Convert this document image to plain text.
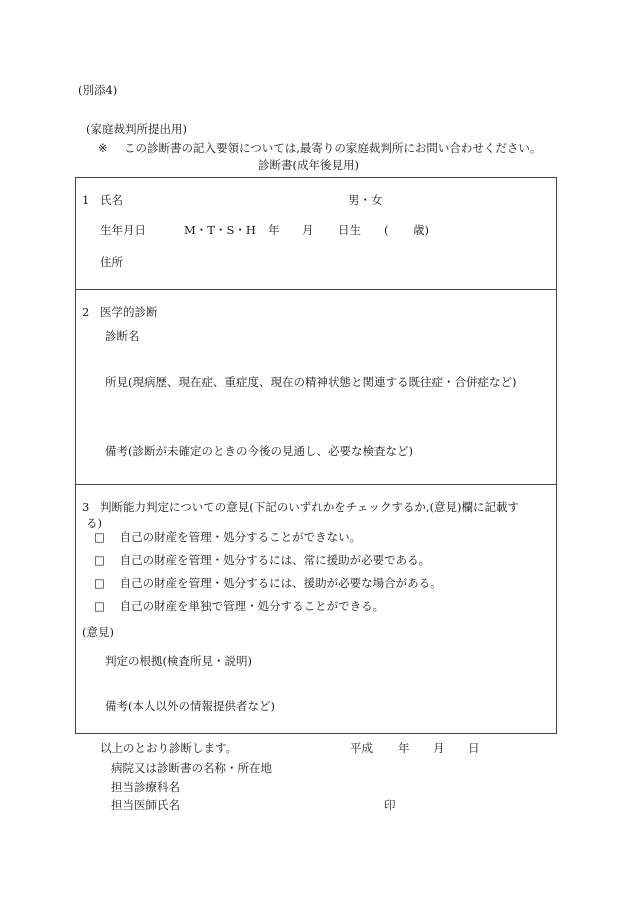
(別添4)
(家庭裁判所提出用)
※ この診断書の記入要領については,最寄りの家庭裁判所にお問い合わせください。
診断書(成年後見用)
1 氏名	男・女
生年月日	M・T・S・H 年 月 日生 ( 歳)
住所
2 医学的診断
診断名
所見(現病歴、現在症、重症度、現在の精神状態と関連する既往症・合併症など)
備考(診断が未確定のときの今後の見通し、必要な検査など)
3 判断能力判定についての意見(下記のいずれかをチェックするか,(意見)欄に記載す
る)
□ 自己の財産を管理・処分することができない。
□ 自己の財産を管理・処分するには、常に援助が必要である。
□ 自己の財産を管理・処分するには、援助が必要な場合がある。
□ 自己の財産を単独で管理・処分することができる。
(意見)
判定の根拠(検査所見・説明)
備考(本人以外の情報提供者など)
以上のとおり診断します。	平成 年 月 日
病院又は診断書の名称・所在地
担当診療科名
担当医師氏名	印
